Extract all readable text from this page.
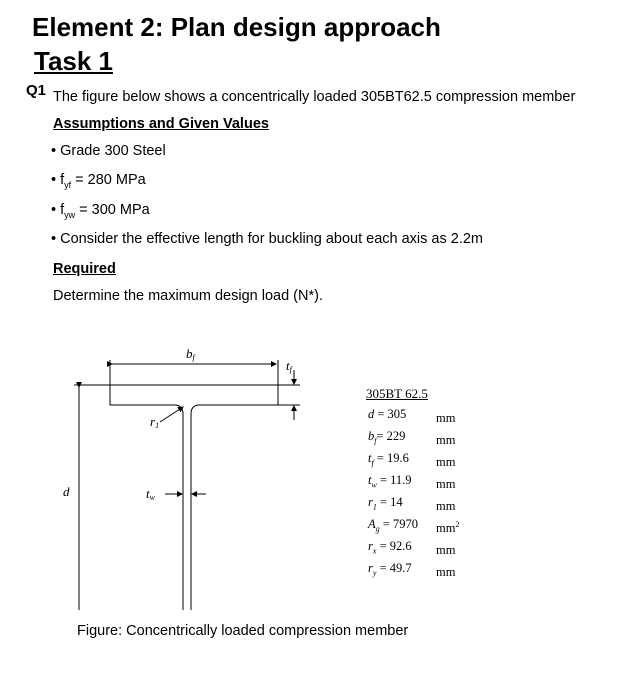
Element 2: Plan design approach
Task 1
Q1 The figure below shows a concentrically loaded 305BT62.5 compression member
Assumptions and Given Values
• Grade 300 Steel
• $f_{yf} = 280$ MPa
• $f_{yw} = 300$ MPa
• Consider the effective length for buckling about each axis as 2.2m
Required
Determine the maximum design load (N*).
bf
tf
r1
tw
d
305BT 62.5
d = 305	mm
$b_f= 229$	mm
$t_f = 19.6$	mm
$t_w = 11.9$	mm
$r_1 = 14$	mm
$A_g = 7970$	$mm^2$
$r_x = 92.6$	mm
$r_y = 49.7$	mm
Figure: Concentrically loaded compression member
